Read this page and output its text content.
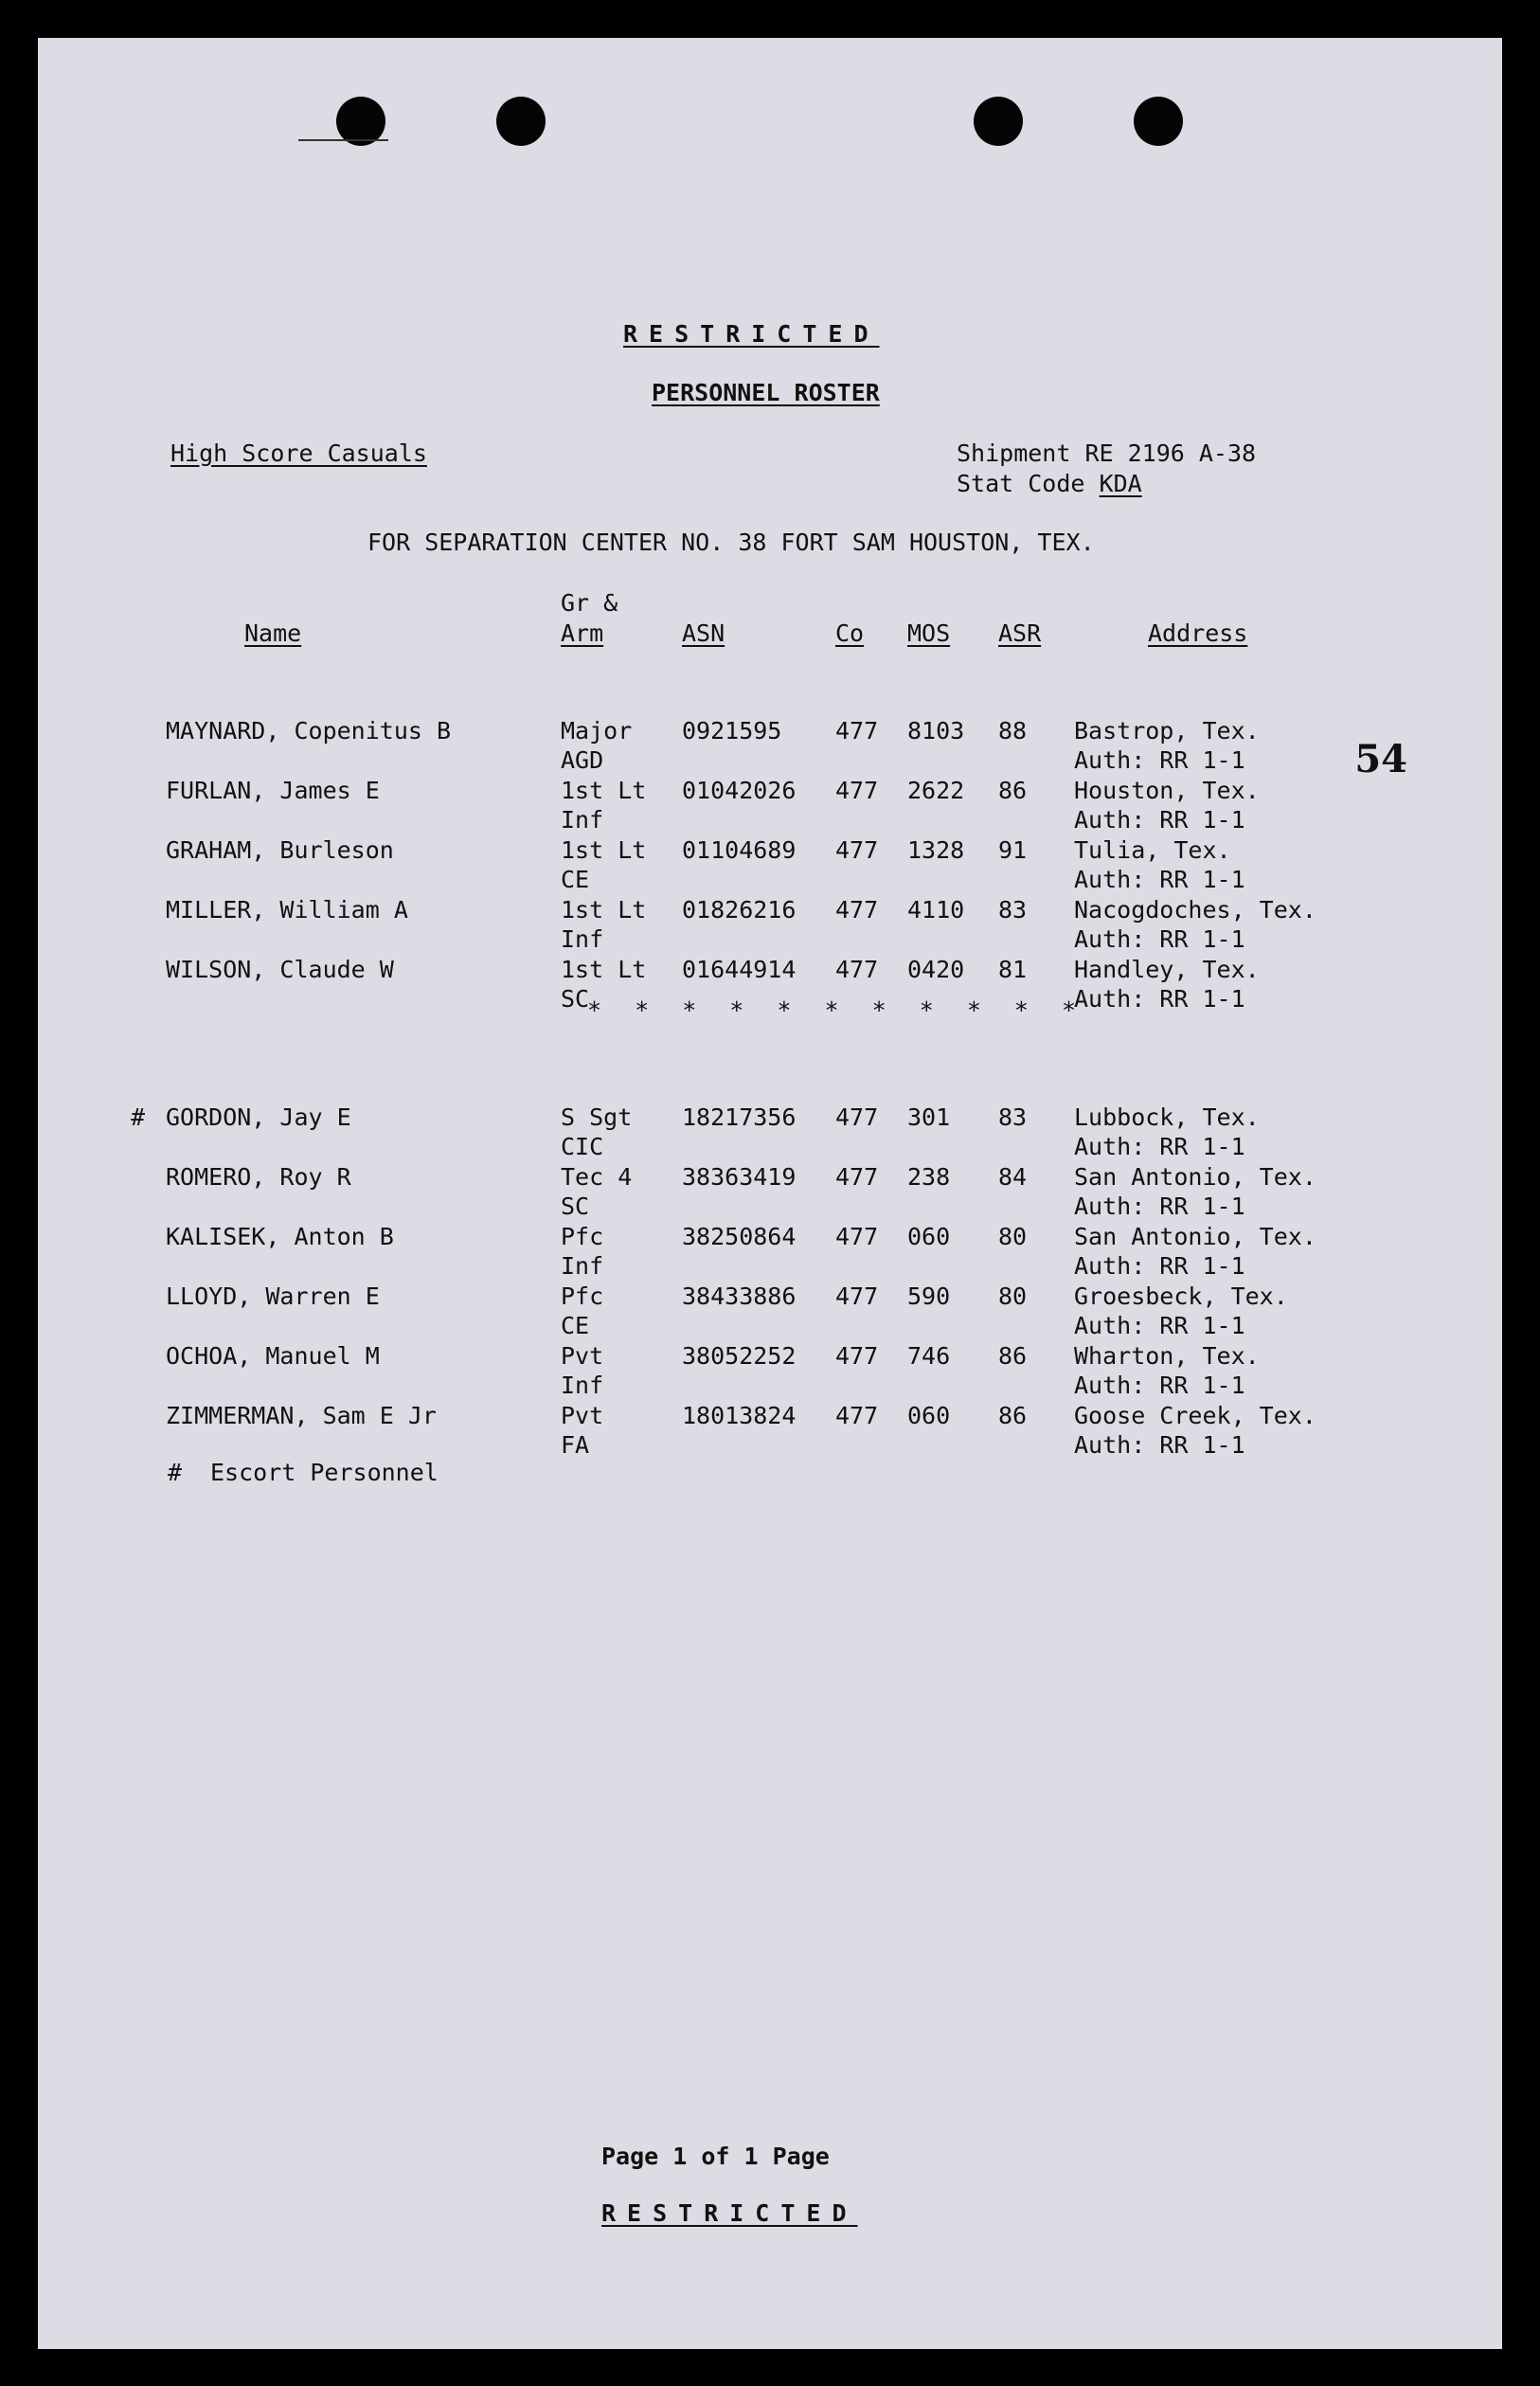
RESTRICTED
PERSONNEL ROSTER
High Score Casuals	Shipment RE 2196 A-38
Stat Code KDA
FOR SEPARATION CENTER NO. 38 FORT SAM HOUSTON, TEX.
54
Name
Gr &
Arm	ASN	Co MOS ASR	Address
MAYNARD, Copenitus B	Major 0921595 477 8103 88 Bastrop, Tex.
AGD	Auth: RR 1-1
FURLAN, James E	1st Lt 01042026 477 2622 86 Houston, Tex.
Inf	Auth: RR 1-1
GRAHAM, Burleson	1st Lt 01104689 477 1328 91 Tulia, Tex.
CE	Auth: RR 1-1
MILLER, William A	1st Lt 01826216 477 4110 83 Nacogdoches, Tex.
Inf	Auth: RR 1-1
WILSON, Claude W	1st Lt 01644914 477 0420 81 Handley, Tex.
SC	Auth: RR 1-1
* * * * * * * * * * *
# GORDON, Jay E	S Sgt 18217356 477 301 83 Lubbock, Tex.
CIC	Auth: RR 1-1
ROMERO, Roy R	Tec 4 38363419 477 238 84 San Antonio, Tex.
SC	Auth: RR 1-1
KALISEK, Anton B	Pfc	38250864 477 060 80 San Antonio, Tex.
Inf	Auth: RR 1-1
LLOYD, Warren E	Pfc	38433886 477 590 80 Groesbeck, Tex.
CE	Auth: RR 1-1
OCHOA, Manuel M	Pvt	38052252 477 746 86 Wharton, Tex.
Inf	Auth: RR 1-1
ZIMMERMAN, Sam E Jr	Pvt	18013824 477 060 86 Goose Creek, Tex.
FA	Auth: RR 1-1
# Escort Personnel
Page 1 of 1 Page
RESTRICTED
